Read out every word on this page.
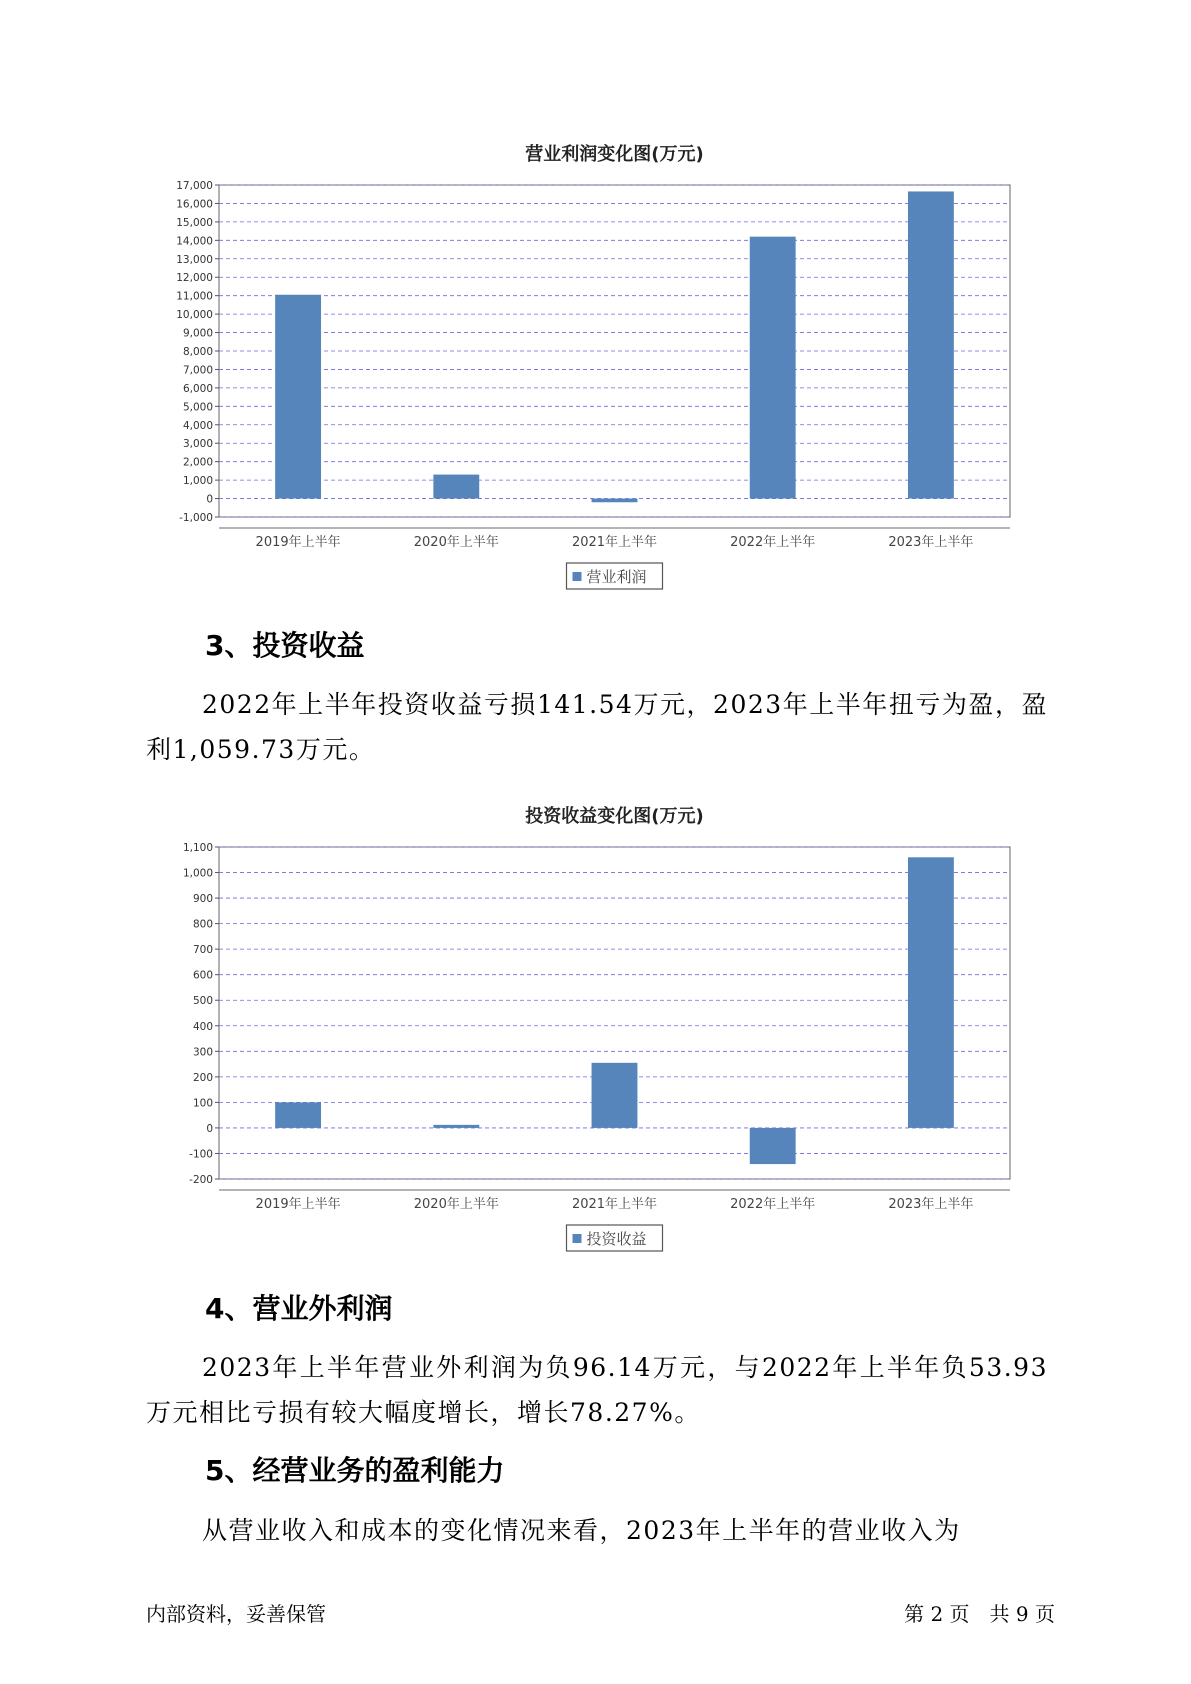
营业利润变化图(万元)
-1,000
0
1,000
2,000
3,000
4,000
5,000
6,000
7,000
8,000
9,000
10,000
11,000
12,000
13,000
14,000
15,000
16,000
17,000
2019年上半年	2020年上半年	2021年上半年	2022年上半年	2023年上半年
营业利润
3、投资收益

2022年上半年投资收益亏损141.54万元，2023年上半年扭亏为盈，盈利1,059.73万元。

投资收益变化图(万元)
-200
-100
0
100
200
300
400
500
600
700
800
900
1,000
1,100
2019年上半年	2020年上半年	2021年上半年	2022年上半年	2023年上半年
投资收益
4、营业外利润

2023年上半年营业外利润为负96.14万元，与2022年上半年负53.93万元相比亏损有较大幅度增长，增长78.27%。

5、经营业务的盈利能力

从营业收入和成本的变化情况来看，2023年上半年的营业收入为

内部资料，妥善保管	第 2 页　共 9 页
